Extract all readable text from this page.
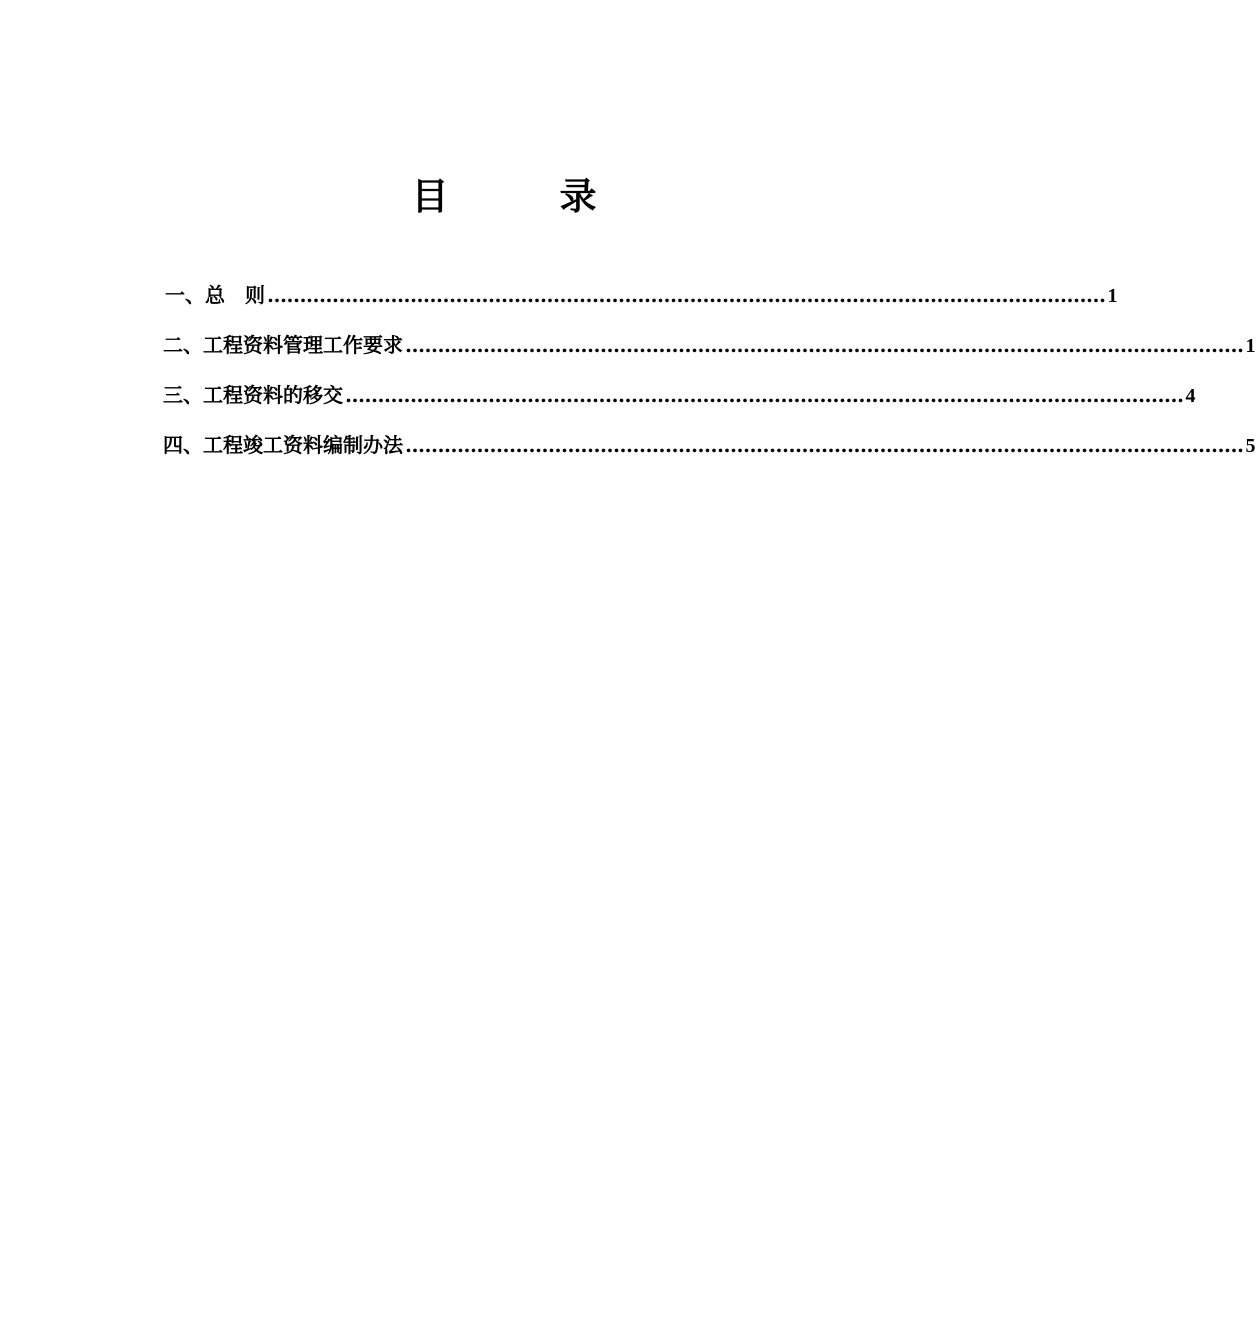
目　　　录
一、总　则 ………………………………………………………………………………………………………………… 1
二、工程资料管理工作要求 ………………………………………………………………………………………………………………… 1
三、工程资料的移交 ………………………………………………………………………………………………………………… 4
四、工程竣工资料编制办法 ………………………………………………………………………………………………………………… 5
